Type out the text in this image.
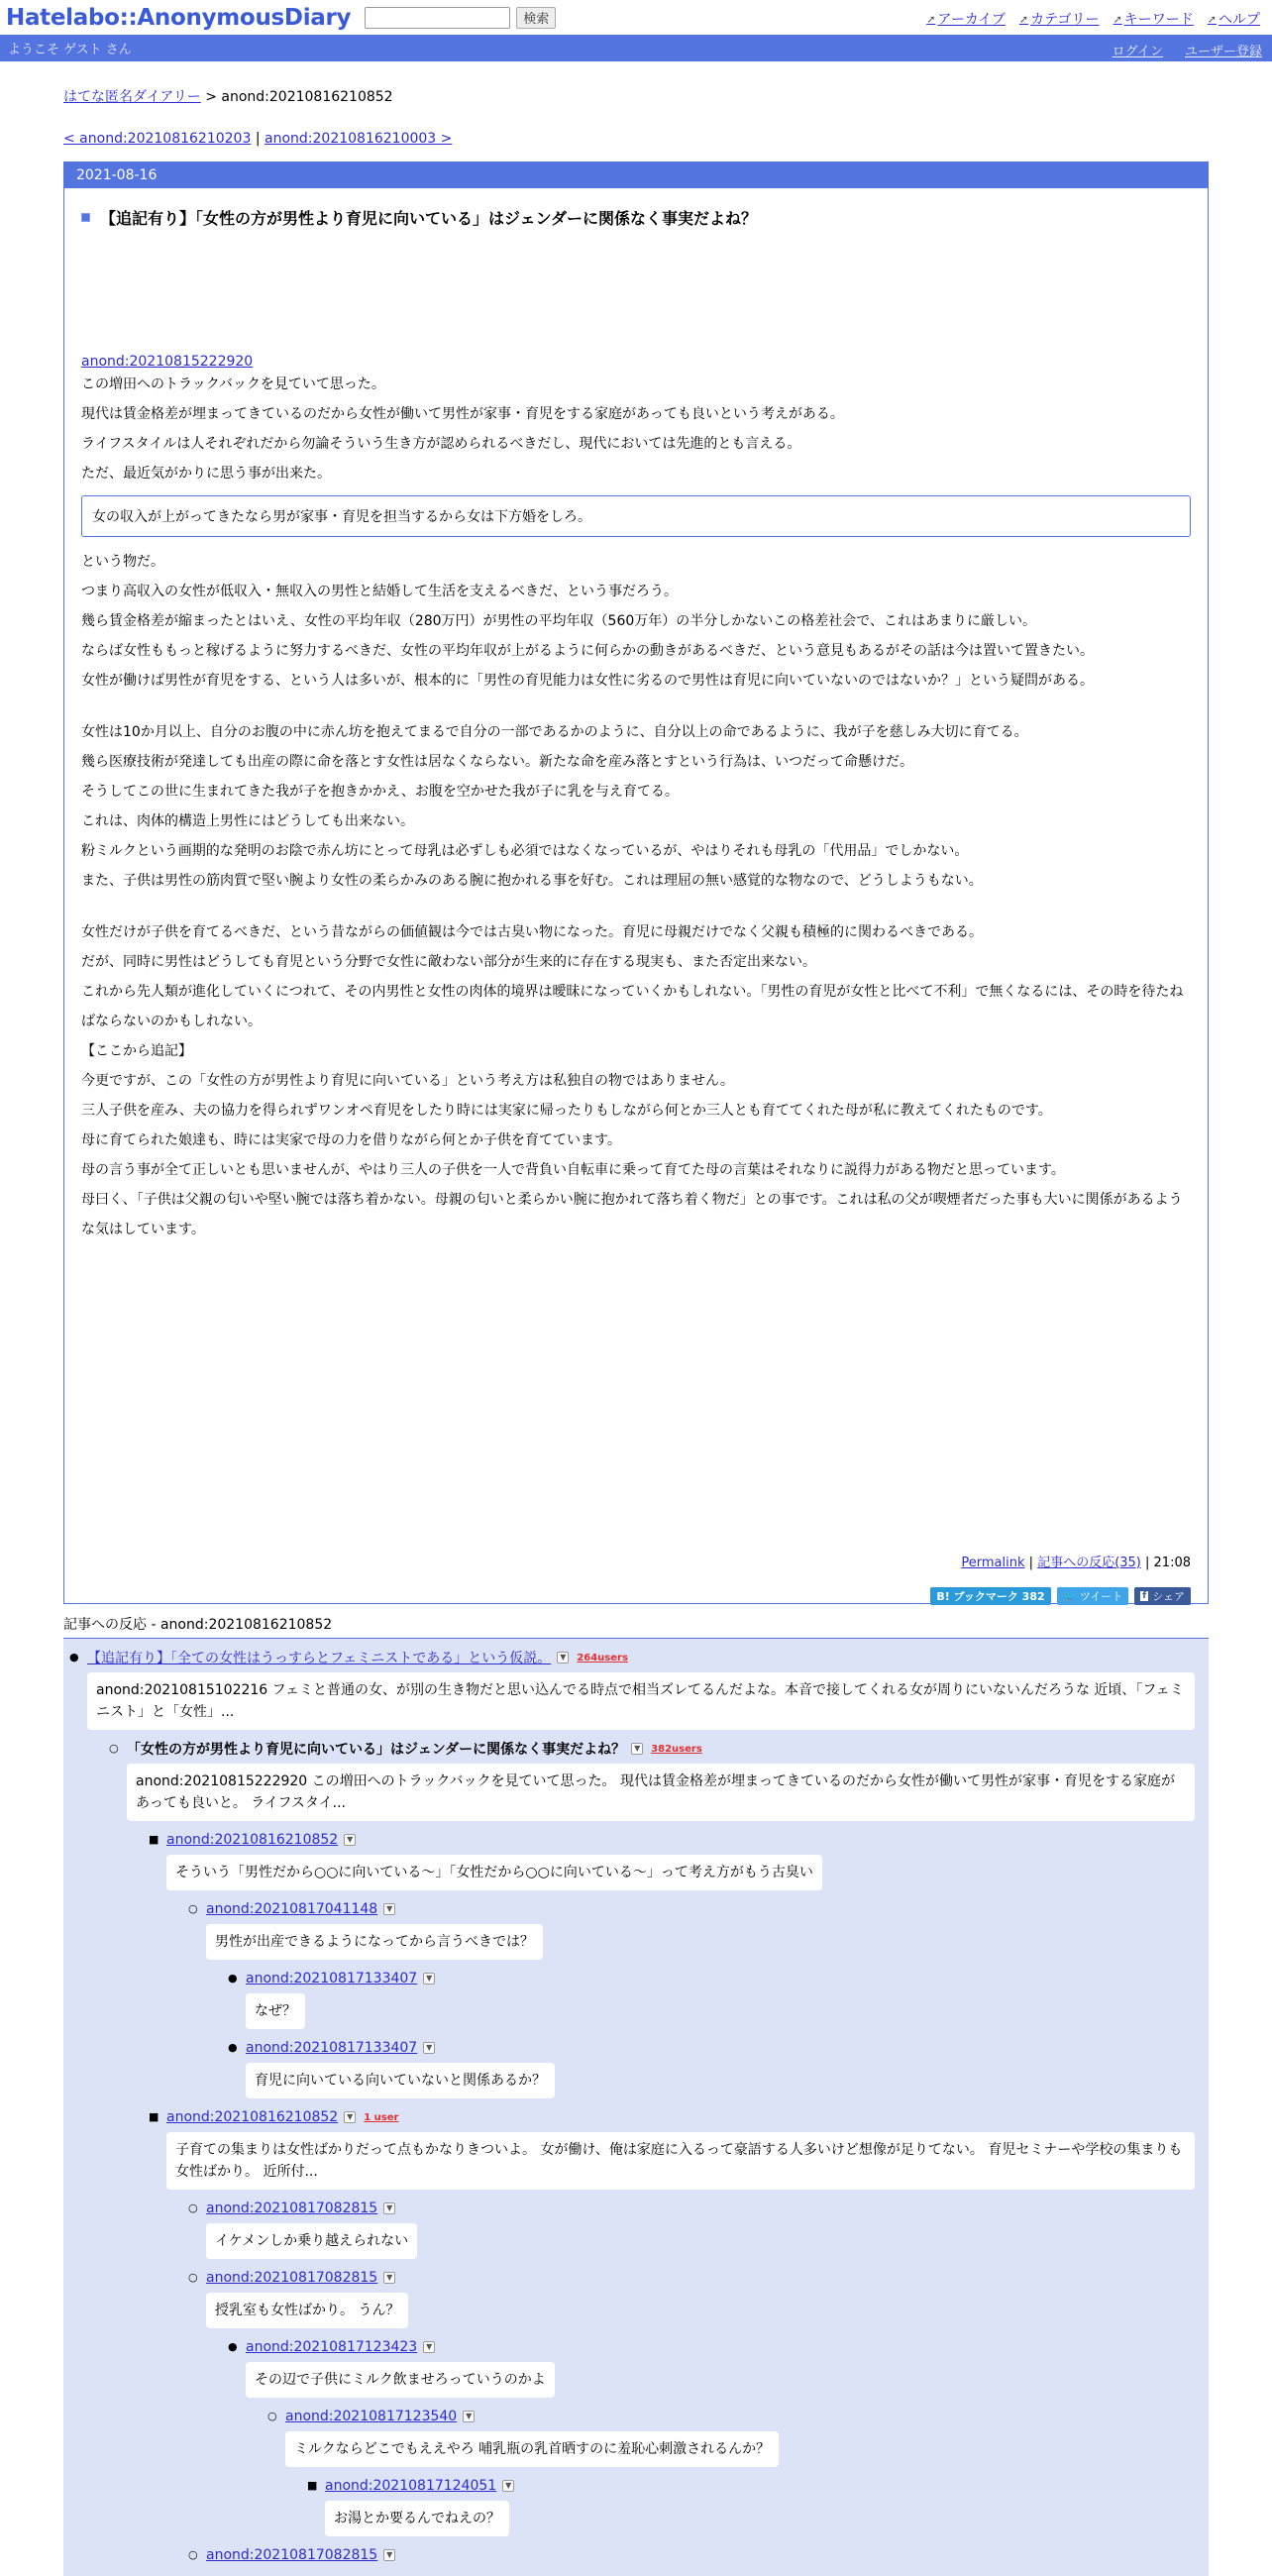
Hatelabo::AnonymousDiary	検索	➚ アーカイブ ➚ カテゴリー ➚ キーワード ➚ ヘルプ
ようこそ ゲスト さん	ログイン ユーザー登録
はてな匿名ダイアリー > anond:20210816210852
< anond:20210816210203 | anond:20210816210003 >
2021-08-16
【追記有り】「女性の方が男性より育児に向いている」はジェンダーに関係なく事実だよね？
anond:20210815222920
この増田へのトラックバックを見ていて思った。
現代は賃金格差が埋まってきているのだから女性が働いて男性が家事・育児をする家庭があっても良いという考えがある。
ライフスタイルは人それぞれだから勿論そういう生き方が認められるべきだし、現代においては先進的とも言える。
ただ、最近気がかりに思う事が出来た。
女の収入が上がってきたなら男が家事・育児を担当するから女は下方婚をしろ。
という物だ。
つまり高収入の女性が低収入・無収入の男性と結婚して生活を支えるべきだ、という事だろう。
幾ら賃金格差が縮まったとはいえ、女性の平均年収（280万円）が男性の平均年収（560万年）の半分しかないこの格差社会で、これはあまりに厳しい。
ならば女性ももっと稼げるように努力するべきだ、女性の平均年収が上がるように何らかの動きがあるべきだ、という意見もあるがその話は今は置いて置きたい。
女性が働けば男性が育児をする、という人は多いが、根本的に「男性の育児能力は女性に劣るので男性は育児に向いていないのではないか？」という疑問がある。
女性は10か月以上、自分のお腹の中に赤ん坊を抱えてまるで自分の一部であるかのように、自分以上の命であるように、我が子を慈しみ大切に育てる。
幾ら医療技術が発達しても出産の際に命を落とす女性は居なくならない。新たな命を産み落とすという行為は、いつだって命懸けだ。
そうしてこの世に生まれてきた我が子を抱きかかえ、お腹を空かせた我が子に乳を与え育てる。
これは、肉体的構造上男性にはどうしても出来ない。
粉ミルクという画期的な発明のお陰で赤ん坊にとって母乳は必ずしも必須ではなくなっているが、やはりそれも母乳の「代用品」でしかない。
また、子供は男性の筋肉質で堅い腕より女性の柔らかみのある腕に抱かれる事を好む。これは理屈の無い感覚的な物なので、どうしようもない。
女性だけが子供を育てるべきだ、という昔ながらの価値観は今では古臭い物になった。育児に母親だけでなく父親も積極的に関わるべきである。
だが、同時に男性はどうしても育児という分野で女性に敵わない部分が生来的に存在する現実も、また否定出来ない。
これから先人類が進化していくにつれて、その内男性と女性の肉体的境界は曖昧になっていくかもしれない。「男性の育児が女性と比べて不利」で無くなるには、その時を待たねばならないのかもしれない。
【ここから追記】
今更ですが、この「女性の方が男性より育児に向いている」という考え方は私独自の物ではありません。
三人子供を産み、夫の協力を得られずワンオペ育児をしたり時には実家に帰ったりもしながら何とか三人とも育ててくれた母が私に教えてくれたものです。
母に育てられた娘達も、時には実家で母の力を借りながら何とか子供を育てています。
母の言う事が全て正しいとも思いませんが、やはり三人の子供を一人で背負い自転車に乗って育てた母の言葉はそれなりに説得力がある物だと思っています。
母曰く、「子供は父親の匂いや堅い腕では落ち着かない。母親の匂いと柔らかい腕に抱かれて落ち着く物だ」との事です。これは私の父が喫煙者だった事も大いに関係があるような気はしています。
Permalink | 記事への反応(35) | 21:08
B! ブックマーク 382	🐦 ツイート f シェア
記事への反応 - anond:20210816210852
● 【追記有り】「全ての女性はうっすらとフェミニストである」という仮説。	▼ 264users
anond:20210815102216 フェミと普通の女、が別の生き物だと思い込んでる時点で相当ズレてるんだよな。本音で接してくれる女が周りにいないんだろうな 近頃、「フェミニスト」と「女性」...
○ 「女性の方が男性より育児に向いている」はジェンダーに関係なく事実だよね？	▼ 382users
anond:20210815222920 この増田へのトラックバックを見ていて思った。 現代は賃金格差が埋まってきているのだから女性が働いて男性が家事・育児をする家庭があっても良いと。 ライフスタイ...
■ anond:20210816210852	▼
そういう「男性だから○○に向いている～」「女性だから○○に向いている～」って考え方がもう古臭い
○ anond:20210817041148	▼
男性が出産できるようになってから言うべきでは？
● anond:20210817133407	▼
なぜ？
● anond:20210817133407	▼
育児に向いている向いていないと関係あるか？
■ anond:20210816210852	▼ 1 user
子育ての集まりは女性ばかりだって点もかなりきついよ。 女が働け、俺は家庭に入るって豪語する人多いけど想像が足りてない。 育児セミナーや学校の集まりも女性ばかり。 近所付...
○ anond:20210817082815	▼
イケメンしか乗り越えられない
○ anond:20210817082815	▼
授乳室も女性ばかり。 うん？
● anond:20210817123423	▼
その辺で子供にミルク飲ませろっていうのかよ
○ anond:20210817123540	▼
ミルクならどこでもええやろ 哺乳瓶の乳首晒すのに羞恥心刺激されるんか？
■ anond:20210817124051	▼
お湯とか要るんでねえの？
○ anond:20210817082815	▼
